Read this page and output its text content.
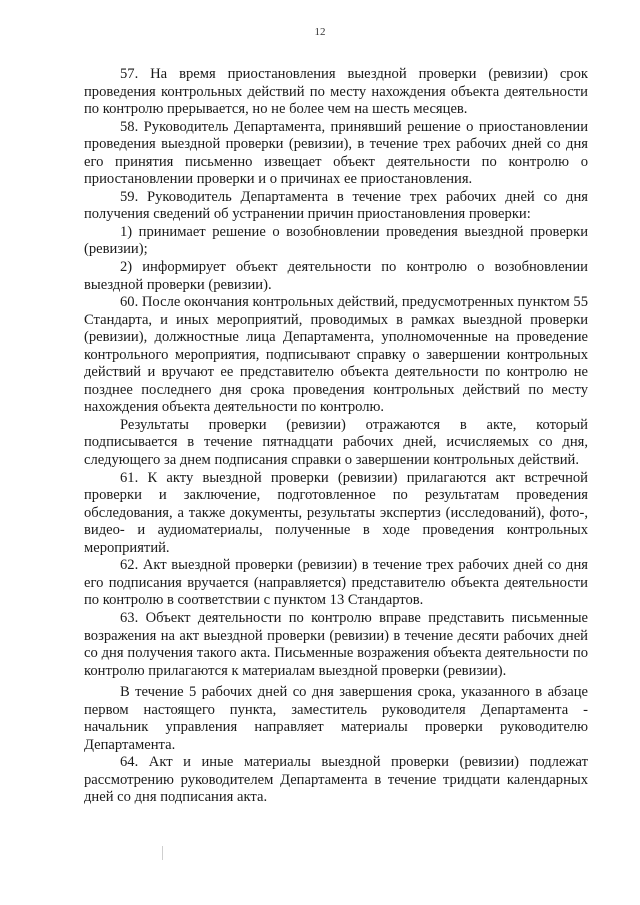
12

57. На время приостановления выездной проверки (ревизии) срок проведения контрольных действий по месту нахождения объекта деятельности по контролю прерывается, но не более чем на шесть месяцев.

58. Руководитель Департамента, принявший решение о приостановлении проведения выездной проверки (ревизии), в течение трех рабочих дней со дня его принятия письменно извещает объект деятельности по контролю о приостановлении проверки и о причинах ее приостановления.

59. Руководитель Департамента в течение трех рабочих дней со дня получения сведений об устранении причин приостановления проверки:

1) принимает решение о возобновлении проведения выездной проверки (ревизии);

2) информирует объект деятельности по контролю о возобновлении выездной проверки (ревизии).

60. После окончания контрольных действий, предусмотренных пунктом 55 Стандарта, и иных мероприятий, проводимых в рамках выездной проверки (ревизии), должностные лица Департамента, уполномоченные на проведение контрольного мероприятия, подписывают справку о завершении контрольных действий и вручают ее представителю объекта деятельности по контролю не позднее последнего дня срока проведения контрольных действий по месту нахождения объекта деятельности по контролю.

Результаты проверки (ревизии) отражаются в акте, который подписывается в течение пятнадцати рабочих дней, исчисляемых со дня, следующего за днем подписания справки о завершении контрольных действий.

61. К акту выездной проверки (ревизии) прилагаются акт встречной проверки и заключение, подготовленное по результатам проведения обследования, а также документы, результаты экспертиз (исследований), фото-, видео- и аудиоматериалы, полученные в ходе проведения контрольных мероприятий.

62. Акт выездной проверки (ревизии) в течение трех рабочих дней со дня его подписания вручается (направляется) представителю объекта деятельности по контролю в соответствии с пунктом 13 Стандартов.

63. Объект деятельности по контролю вправе представить письменные возражения на акт выездной проверки (ревизии) в течение десяти рабочих дней со дня получения такого акта. Письменные возражения объекта деятельности по контролю прилагаются к материалам выездной проверки (ревизии).

В течение 5 рабочих дней со дня завершения срока, указанного в абзаце первом настоящего пункта, заместитель руководителя Департамента - начальник управления направляет материалы проверки руководителю Департамента.

64. Акт и иные материалы выездной проверки (ревизии) подлежат рассмотрению руководителем Департамента в течение тридцати календарных дней со дня подписания акта.
